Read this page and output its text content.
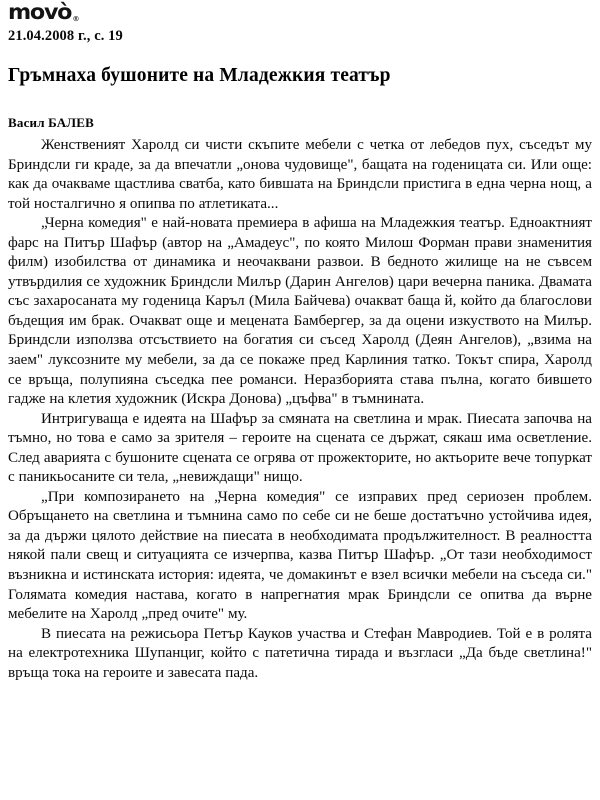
movò®
21.04.2008 г., с. 19
Гръмнаха бушоните на Младежкия театър
Васил БАЛЕВ

Женственият Харолд си чисти скъпите мебели с четка от лебедов пух, съседът му Бриндсли ги краде, за да впечатли „онова чудовище", бащата на годеницата си. Или още: как да очакваме щастлива сватба, като бившата на Бриндсли пристига в една черна нощ, а той носталгично я опипва по атлетиката...

„Черна комедия" е най-новата премиера в афиша на Младежкия театър. Едноактният фарс на Питър Шафър (автор на „Амадеус", по която Милош Форман прави знаменития филм) изобилства от динамика и неочаквани развои. В бедното жилище на не съвсем утвърдилия се художник Бриндсли Милър (Дарин Ангелов) цари вечерна паника. Двамата със захаросаната му годеница Каръл (Мила Байчева) очакват баща й, който да благослови бъдещия им брак. Очакват още и мецената Бамбергер, за да оцени изкуството на Милър. Бриндсли използва отсъствието на богатия си съсед Харолд (Деян Ангелов), „взима на заем" луксозните му мебели, за да се покаже пред Карлиния татко. Токът спира, Харолд се връща, полупияна съседка пее романси. Неразборията става пълна, когато бившето гадже на клетия художник (Искра Донова) „цъфва" в тъмнината.

Интригуваща е идеята на Шафър за смяната на светлина и мрак. Пиесата започва на тъмно, но това е само за зрителя – героите на сцената се държат, сякаш има осветление. След аварията с бушоните сцената се огрява от прожекторите, но актьорите вече топуркат с паникьосаните си тела, „невиждащи" нищо.

„При композирането на „Черна комедия" се изправих пред сериозен проблем. Обръщането на светлина и тъмнина само по себе си не беше достатъчно устойчива идея, за да държи цялото действие на пиесата в необходимата продължителност. В реалността някой пали свещ и ситуацията се изчерпва, казва Питър Шафър. „От тази необходимост възникна и истинската история: идеята, че домакинът е взел всички мебели на съседа си." Голямата комедия настава, когато в напрегнатия мрак Бриндсли се опитва да върне мебелите на Харолд „пред очите" му.

В пиесата на режисьора Петър Кауков участва и Стефан Мавродиев. Той е в ролята на електротехника Шупанциг, който с патетична тирада и възгласи „Да бъде светлина!" връща тока на героите и завесата пада.
